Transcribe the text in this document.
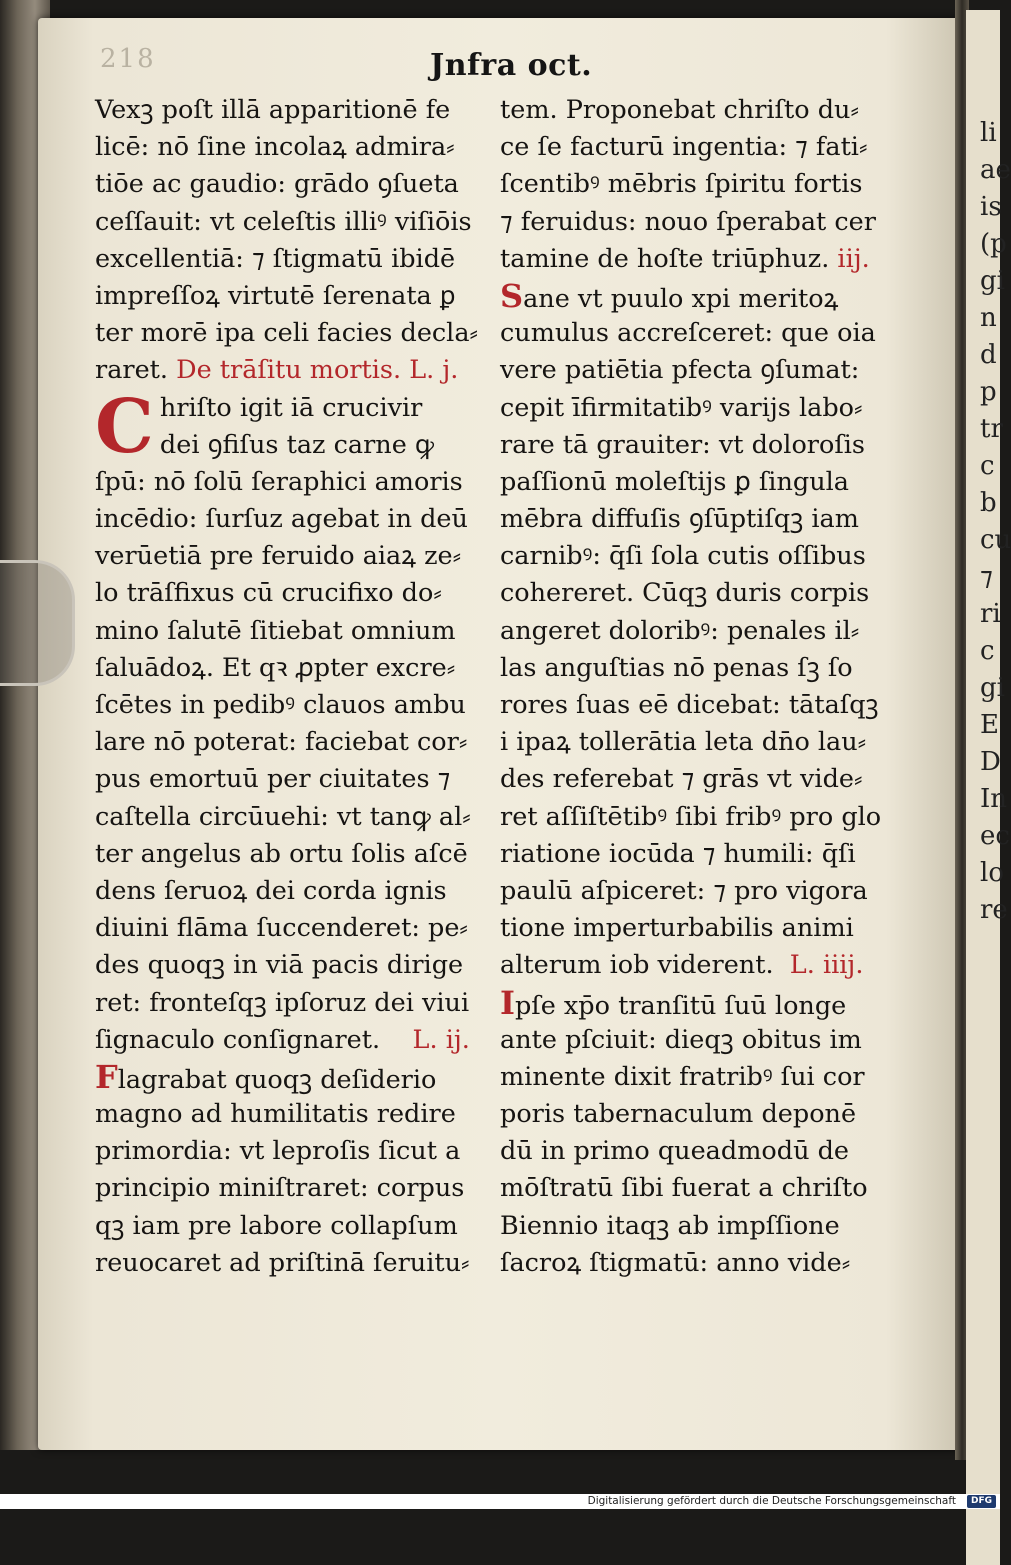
li
ae
is
(p
gi
n
d
p
tr
c
b
cu
⁊
ri
c
gi
E
D
In
ec
lo
re
218	Jnfra oct.
Vexꝫ poſt illā apparitionē fe
licē: nō ſine incolaꝝ admira⸗
tiōe ac gaudio: grādo ꝯſueta
ceſſauit: vt celeſtis illiꝰ viſiōis
excellentiā: ⁊ ſtigmatū ibidē
impreſſoꝝ virtutē ſerenata ꝑ
ter morē ipa celi facies decla⸗
raret. De trāſitu mortis. L. j.
C hriſto igit iā crucivir
dei ꝯfiſus taz carne ꝙ
ſpū: nō ſolū ſeraphici amoris
incēdio: ſurſuz agebat in deū
verūetiā pre feruido aiaꝝ ze⸗
lo trāſfixus cū crucifixo do⸗
mino ſalutē ſitiebat omnium
ſaluādoꝝ. Et qꝛ ꝓpter excre⸗
ſcētes in pedibꝰ clauos ambu
lare nō poterat: faciebat cor⸗
pus emortuū per ciuitates ⁊
caſtella circūuehi: vt tanꝙ al⸗
ter angelus ab ortu ſolis aſcē
dens ſeruoꝝ dei corda ignis
diuini flāma ſuccenderet: pe⸗
des quoqꝫ in viā pacis dirige
ret: fronteſqꝫ ipſoruz dei viui
ſignaculo conſignaret. L. ij.
Flagrabat quoqꝫ deſiderio
magno ad humilitatis redire
primordia: vt leproſis ſicut a
principio miniſtraret: corpus
qꝫ iam pre labore collapſum
reuocaret ad priſtinā ſeruitu⸗
tem. Proponebat chriſto du⸗
ce ſe facturū ingentia: ⁊ fati⸗
ſcentibꝰ mēbris ſpiritu fortis
⁊ feruidus: nouo ſperabat cer
tamine de hoſte triūphuz. iij.
Sane vt puulo xpi meritoꝝ
cumulus accreſceret: que oia
vere patiētia pfecta ꝯſumat:
cepit īfirmitatibꝰ varijs labo⸗
rare tā grauiter: vt doloroſis
paſſionū moleſtijs ꝑ ſingula
mēbra diffuſis ꝯſūptiſqꝫ iam
carnibꝰ: q̄ſi ſola cutis oſſibus
cohereret. Cūqꝫ duris corpis
angeret doloribꝰ: penales il⸗
las anguſtias nō penas ſꝫ ſo
rores ſuas eē dicebat: tātaſqꝫ
i ipaꝝ tollerātia leta dn̄o lau⸗
des referebat ⁊ grās vt vide⸗
ret aſſiſtētibꝰ ſibi fribꝰ pro glo
riatione iocūda ⁊ humili: q̄ſi
paulū aſpiceret: ⁊ pro vigora
tione imperturbabilis animi
alterum iob viderent. L. iiij.
Ipſe xp̄o tranſitū ſuū longe
ante pſciuit: dieqꝫ obitus im
minente dixit fratribꝰ ſui cor
poris tabernaculum deponē
dū in primo queadmodū de
mōſtratū ſibi fuerat a chriſto
Biennio itaqꝫ ab impſſione
ſacroꝝ ſtigmatū: anno vide⸗
Digitalisierung gefördert durch die Deutsche Forschungsgemeinschaft	DFG
